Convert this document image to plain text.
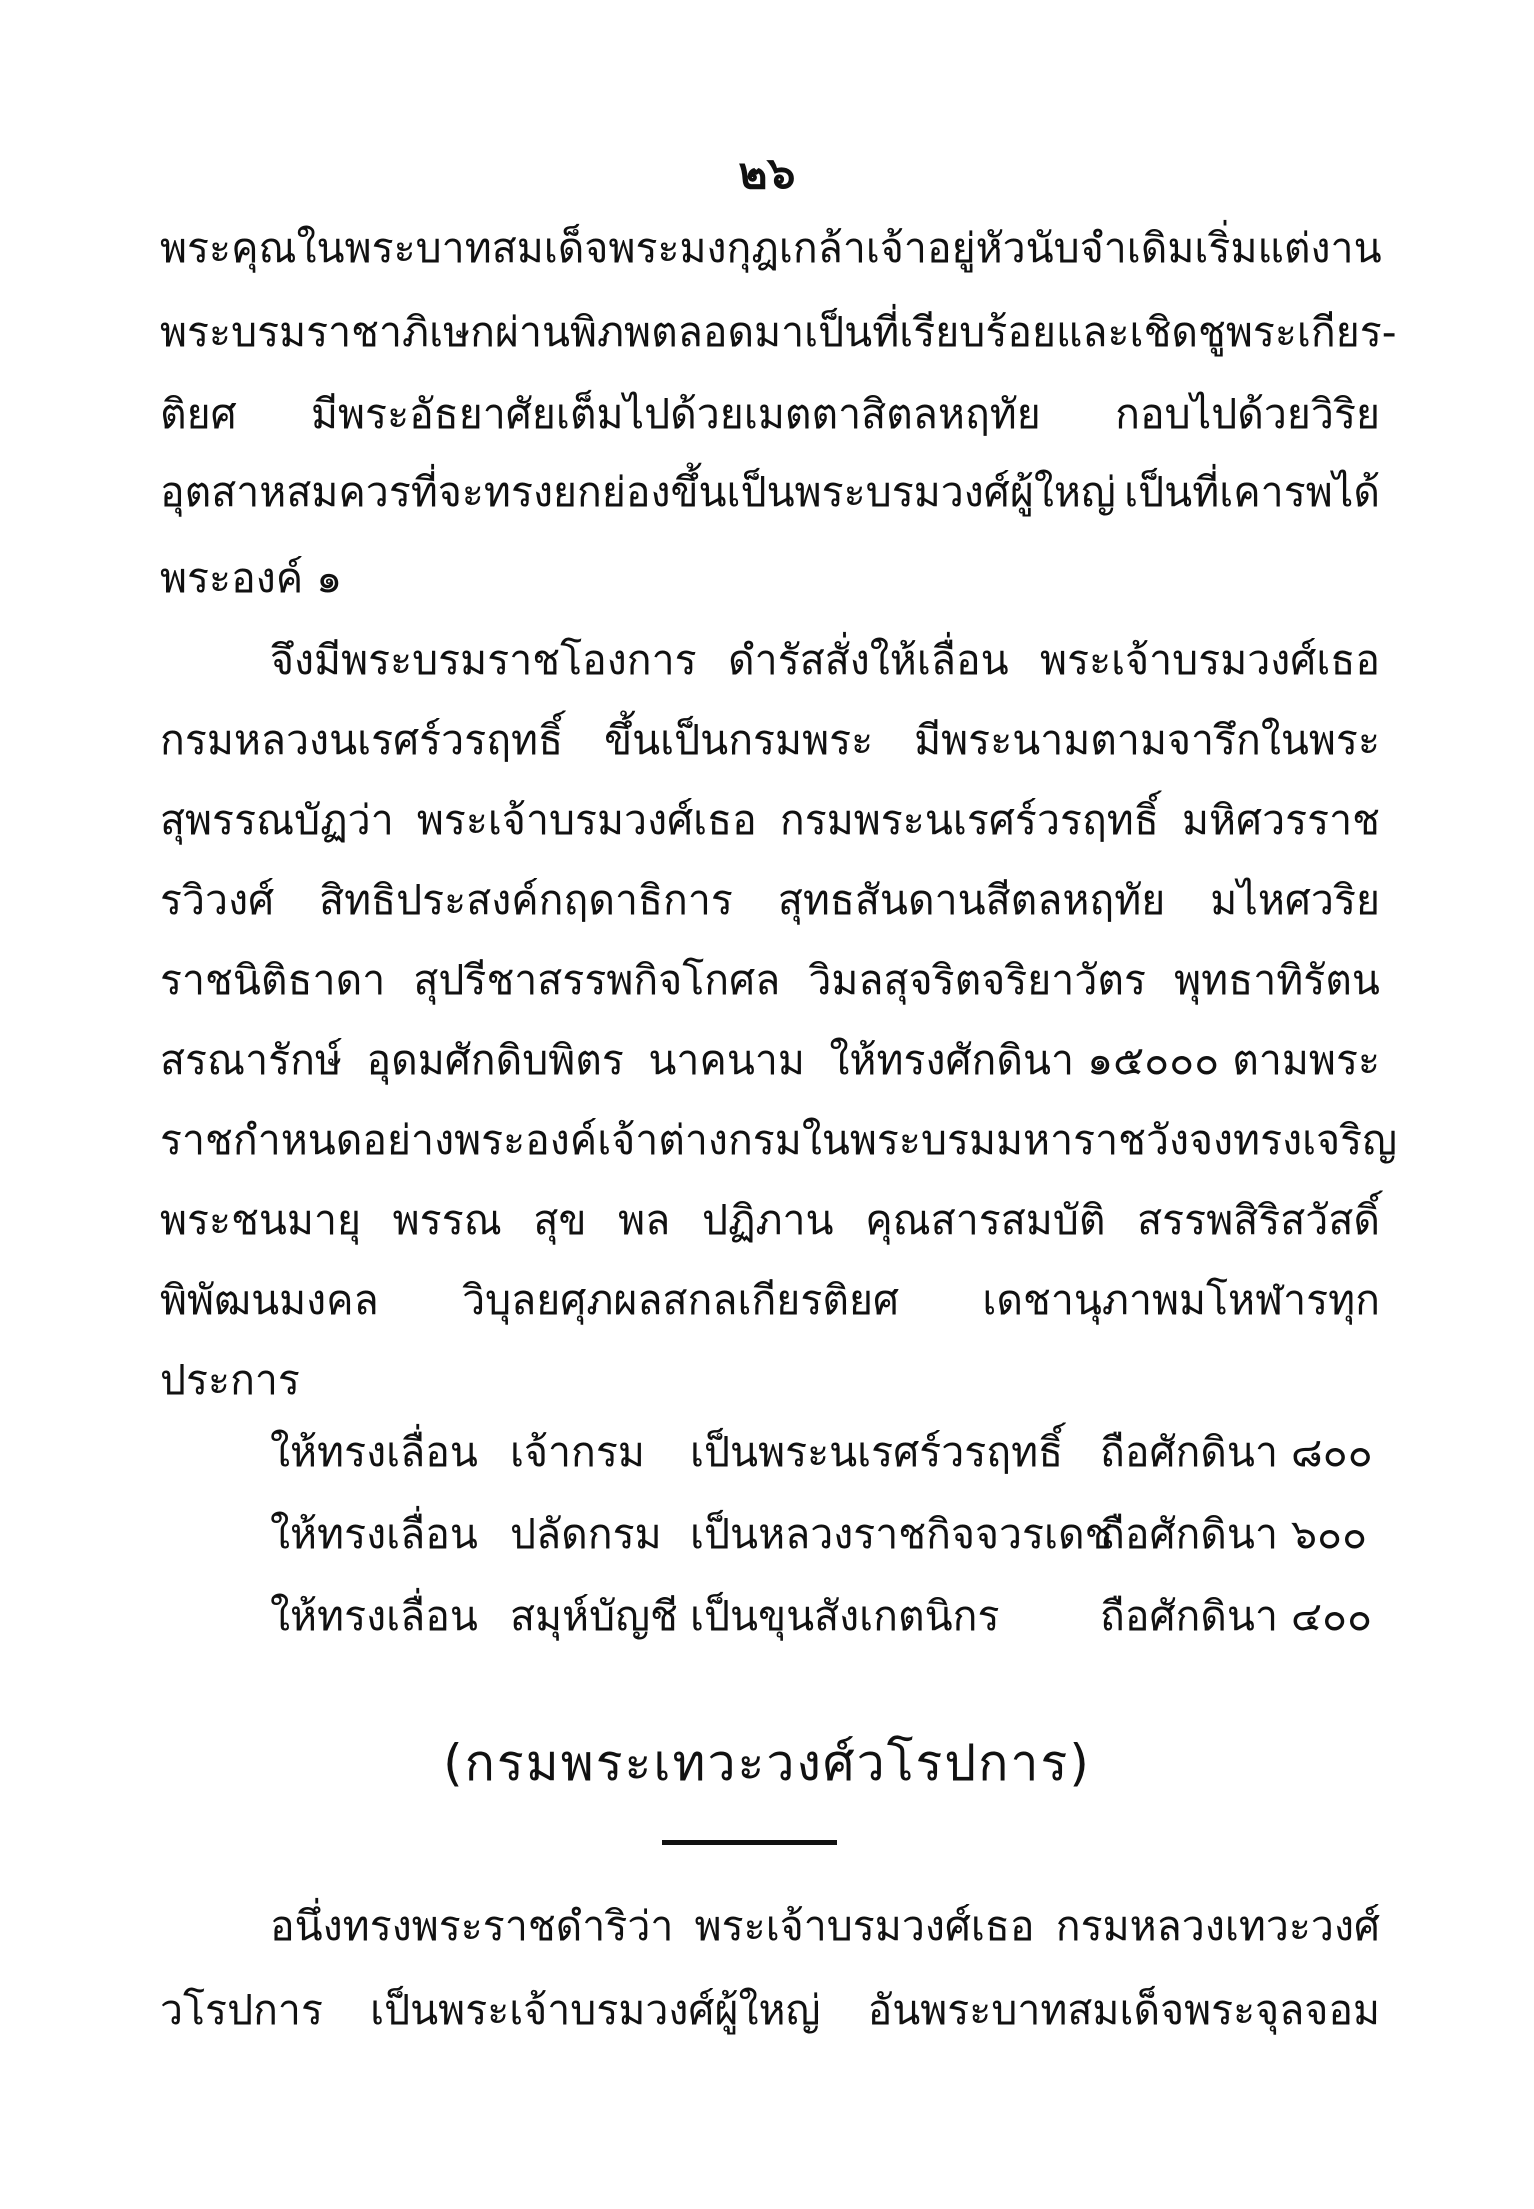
๒๖
พระคุณในพระบาทสมเด็จพระมงกุฎเกล้าเจ้าอยู่หัว นับจำเดิมเริ่มแต่งาน
พระบรมราชาภิเษกผ่านพิภพตลอดมา เป็นที่เรียบร้อยและเชิดชูพระเกียร-
ติยศ มีพระอัธยาศัยเต็มไปด้วยเมตตาสิตลหฤทัย กอบไปด้วยวิริย
อุตสาหสมควรที่จะทรงยกย่องขึ้นเป็นพระบรมวงศ์ผู้ใหญ่ เป็นที่เคารพได้
พระองค์ ๑
จึงมีพระบรมราชโองการ ดำรัสสั่งให้เลื่อน พระเจ้าบรมวงศ์เธอ
กรมหลวงนเรศร์วรฤทธิ์ ขึ้นเป็นกรมพระ มีพระนามตามจารึกในพระ
สุพรรณบัฏว่า พระเจ้าบรมวงศ์เธอ กรมพระนเรศร์วรฤทธิ์ มหิศวรราช
รวิวงศ์ สิทธิประสงค์กฤดาธิการ สุทธสันดานสีตลหฤทัย มไหศวริย
ราชนิติธาดา สุปรีชาสรรพกิจโกศล วิมลสุจริตจริยาวัตร พุทธาทิรัตน
สรณารักษ์ อุดมศักดิบพิตร นาคนาม ให้ทรงศักดินา ๑๕๐๐๐ ตามพระ
ราชกำหนดอย่างพระองค์เจ้าต่างกรม ในพระบรมมหาราชวัง จงทรงเจริญ
พระชนมายุ พรรณ สุข พล ปฏิภาน คุณสารสมบัติ สรรพสิริสวัสดิ์
พิพัฒนมงคล วิบุลยศุภผลสกลเกียรติยศ เดชานุภาพมโหฬารทุก
ประการ
ให้ทรงเลื่อน เจ้ากรม เป็นพระนเรศร์วรฤทธิ์ ถือศักดินา ๘๐๐
ให้ทรงเลื่อน ปลัดกรม เป็นหลวงราชกิจจวรเดช
ถือศักดินา ๖๐๐
ให้ทรงเลื่อน สมุห์บัญชี เป็นขุนสังเกตนิกร ถือศักดินา ๔๐๐
(กรมพระเทวะวงศ์วโรปการ)
อนึ่งทรงพระราชดำริว่า พระเจ้าบรมวงศ์เธอ กรมหลวงเทวะวงศ์
วโรปการ เป็นพระเจ้าบรมวงศ์ผู้ใหญ่ อันพระบาทสมเด็จพระจุลจอม
